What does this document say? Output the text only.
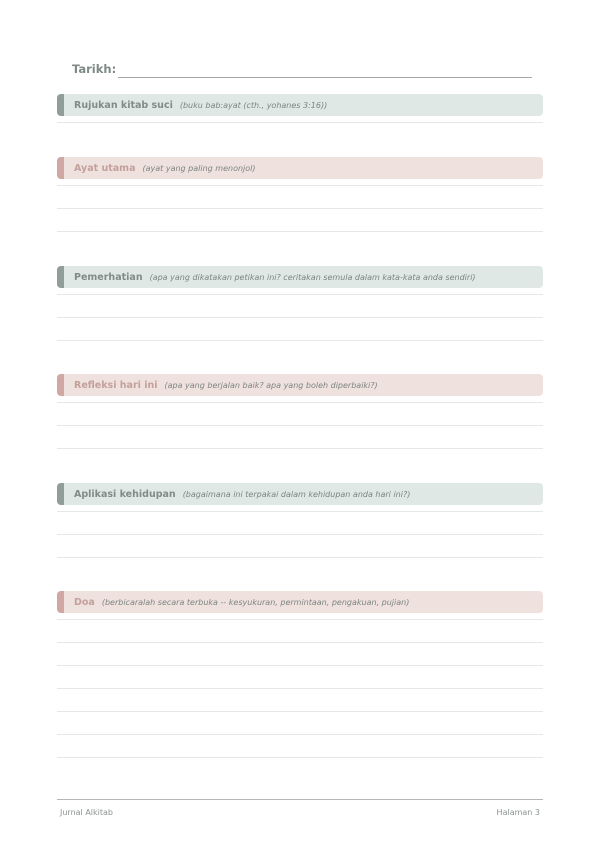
Tarikh:
Rujukan kitab suci (buku bab:ayat (cth., yohanes 3:16))
Ayat utama (ayat yang paling menonjol)
Pemerhatian (apa yang dikatakan petikan ini? ceritakan semula dalam kata-kata anda sendiri)
Refleksi hari ini (apa yang berjalan baik? apa yang boleh diperbaiki?)
Aplikasi kehidupan (bagaimana ini terpakai dalam kehidupan anda hari ini?)
Doa (berbicaralah secara terbuka -- kesyukuran, permintaan, pengakuan, pujian)
Jurnal Alkitab	Halaman 3
